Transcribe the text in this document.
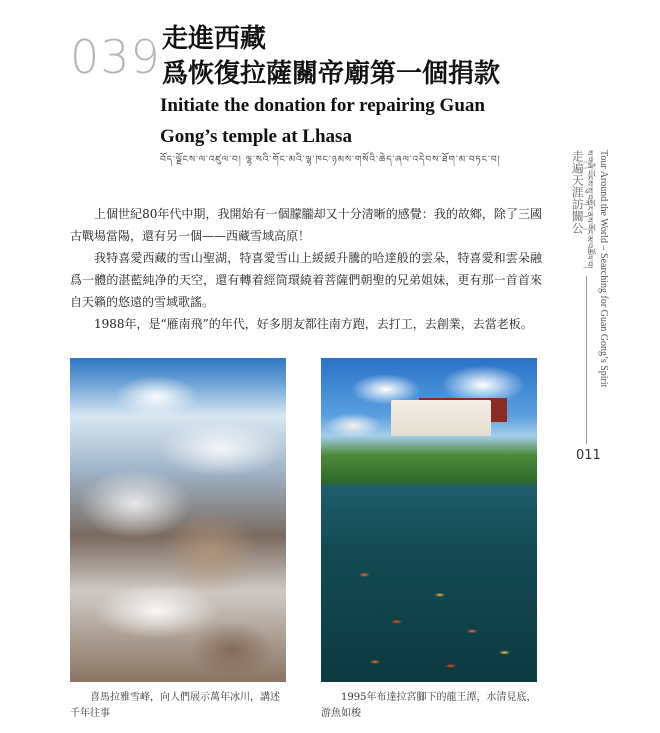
039 走進西藏
爲恢復拉薩關帝廟第一個捐款
Initiate the donation for repairing Guan
Gong’s temple at Lhasa
བོད་ལྗོངས་ལ་འཛུལ་བ། ལྷ་སའི་གོང་མའི་ལྷ་ཁང་ཉམས་གསོའི་ཆེད་ཞལ་འདེབས་ཐོག་མ་བཏང་བ།	走遍天涯訪關公 ས་གཞི་ཡོངས་སུ་བསྐོར་ནས་གོང་མ་འཚོལ་བ། Tour Around the World – Searching for Guan Gong’s Spirit
011

上個世紀80年代中期，我開始有一個朦朧却又十分清晰的感覺：我的故鄉，除了三國古戰場當陽，還有另一個——西藏雪域高原！

我特喜愛西藏的雪山聖湖，特喜愛雪山上緩緩升騰的哈達般的雲朵，特喜愛和雲朵融爲一體的湛藍純净的天空，還有轉着經筒環繞着菩薩們朝聖的兄弟姐妹，更有那一首首來自天籟的悠遠的雪域歌謠。

1988年，是“雁南飛”的年代，好多朋友都往南方跑，去打工，去創業，去當老板。

喜馬拉雅雪峰，向人們展示萬年冰川，講述千年往事
1995年布達拉宮腳下的龍王潭，水清見底，游魚如梭
